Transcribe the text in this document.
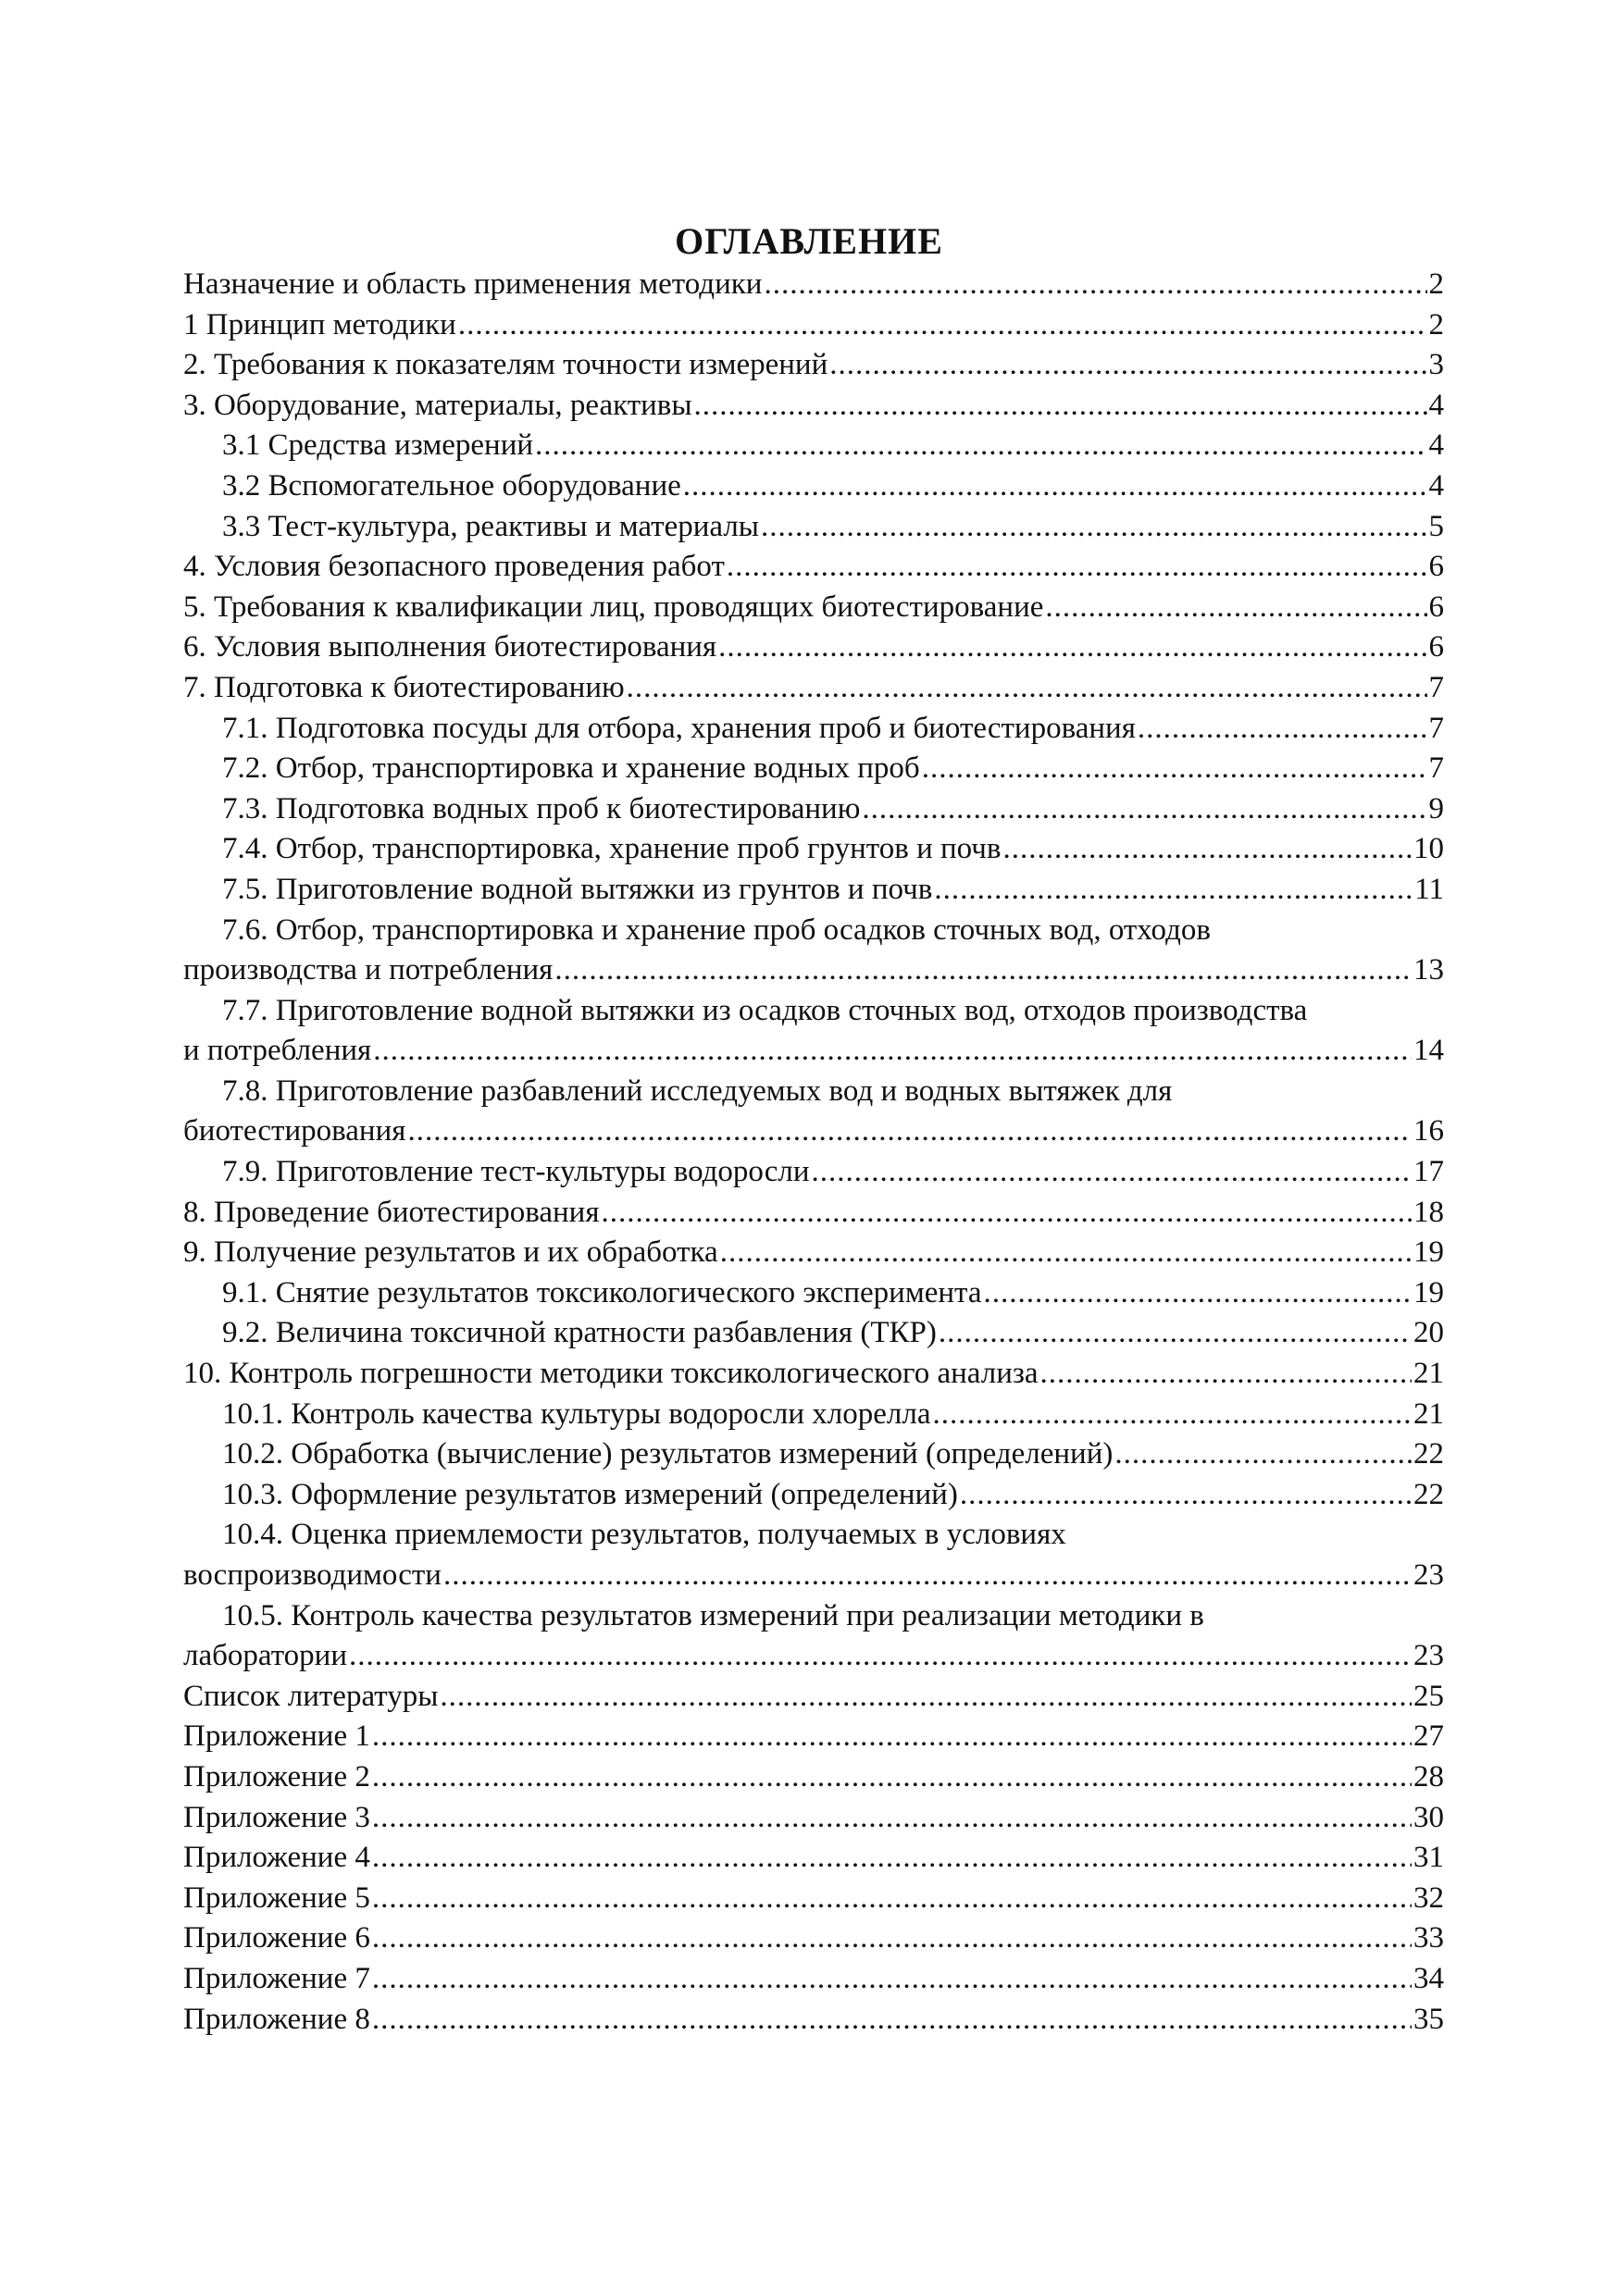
ОГЛАВЛЕНИЕ
Назначение и область применения методики .....	2
1 Принцип методики .....	2
2. Требования к показателям точности измерений .....	3
3. Оборудование, материалы, реактивы .....	4
3.1 Средства измерений .....	4
3.2 Вспомогательное оборудование .....	4
3.3 Тест-культура, реактивы и материалы .....	5
4. Условия безопасного проведения работ .....	6
5. Требования к квалификации лиц, проводящих биотестирование .....	6
6. Условия выполнения биотестирования .....	6
7. Подготовка к биотестированию .....	7
7.1. Подготовка посуды для отбора, хранения проб и биотестирования .....	7
7.2. Отбор, транспортировка и хранение водных проб .....	7
7.3. Подготовка водных проб к биотестированию .....	9
7.4. Отбор, транспортировка, хранение проб грунтов и почв .....	10
7.5. Приготовление водной вытяжки из грунтов и почв .....	11
7.6. Отбор, транспортировка и хранение проб осадков сточных вод, отходов
производства и потребления .....	13
7.7. Приготовление водной вытяжки из осадков сточных вод, отходов производства
и потребления .....	14
7.8. Приготовление разбавлений исследуемых вод и водных вытяжек для
биотестирования .....	16
7.9. Приготовление тест-культуры водоросли .....	17
8. Проведение биотестирования .....	18
9. Получение результатов и их обработка .....	19
9.1. Снятие результатов токсикологического эксперимента .....	19
9.2. Величина токсичной кратности разбавления (ТКР) .....	20
10. Контроль погрешности методики токсикологического анализа .....	21
10.1. Контроль качества культуры водоросли хлорелла .....	21
10.2. Обработка (вычисление) результатов измерений (определений) .....	22
10.3. Оформление результатов измерений (определений) .....	22
10.4. Оценка приемлемости результатов, получаемых в условиях
воспроизводимости .....	23
10.5. Контроль качества результатов измерений при реализации методики в
лаборатории .....	23
Список литературы .....	25
Приложение 1 .....	27
Приложение 2 .....	28
Приложение 3 .....	30
Приложение 4 .....	31
Приложение 5 .....	32
Приложение 6 .....	33
Приложение 7 .....	34
Приложение 8 .....	35
